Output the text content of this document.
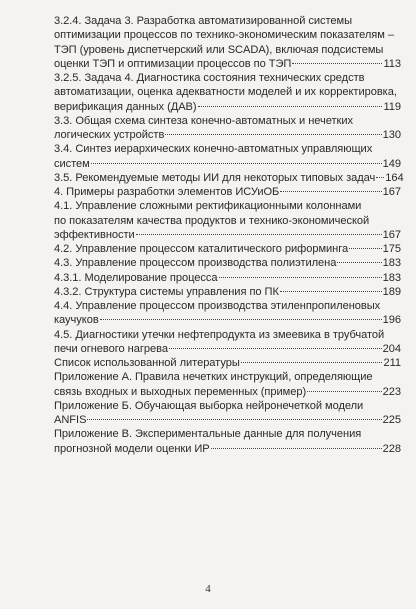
3.2.4. Задача 3. Разработка автоматизированной системы
оптимизации процессов по технико-экономическим показателям –
ТЭП (уровень диспетчерский или SCADA), включая подсистемы
оценки ТЭП и оптимизации процессов по ТЭП	113
3.2.5. Задача 4. Диагностика состояния технических средств
автоматизации, оценка адекватности моделей и их корректировка,
верификация данных (ДАВ)	119
3.3. Общая схема синтеза конечно-автоматных и нечетких
логических устройств	130
3.4. Синтез иерархических конечно-автоматных управляющих
систем	149
3.5. Рекомендуемые методы ИИ для некоторых типовых задач 164
4. Примеры разработки элементов ИСУиОБ	167
4.1. Управление сложными ректификационными колоннами
по показателям качества продуктов и технико-экономической
эффективности	167
4.2. Управление процессом каталитического риформинга	175
4.3. Управление процессом производства полиэтилена	183
4.3.1. Моделирование процесса	183
4.3.2. Структура системы управления по ПК	189
4.4. Управление процессом производства этиленпропиленовых
каучуков	196
4.5. Диагностики утечки нефтепродукта из змеевика в трубчатой
печи огневого нагрева	204
Список использованной литературы	211
Приложение А. Правила нечетких инструкций, определяющие
связь входных и выходных переменных (пример)	223
Приложение Б. Обучающая выборка нейронечеткой модели
ANFIS	225
Приложение В. Экспериментальные данные для получения
прогнозной модели оценки ИР	228
4
